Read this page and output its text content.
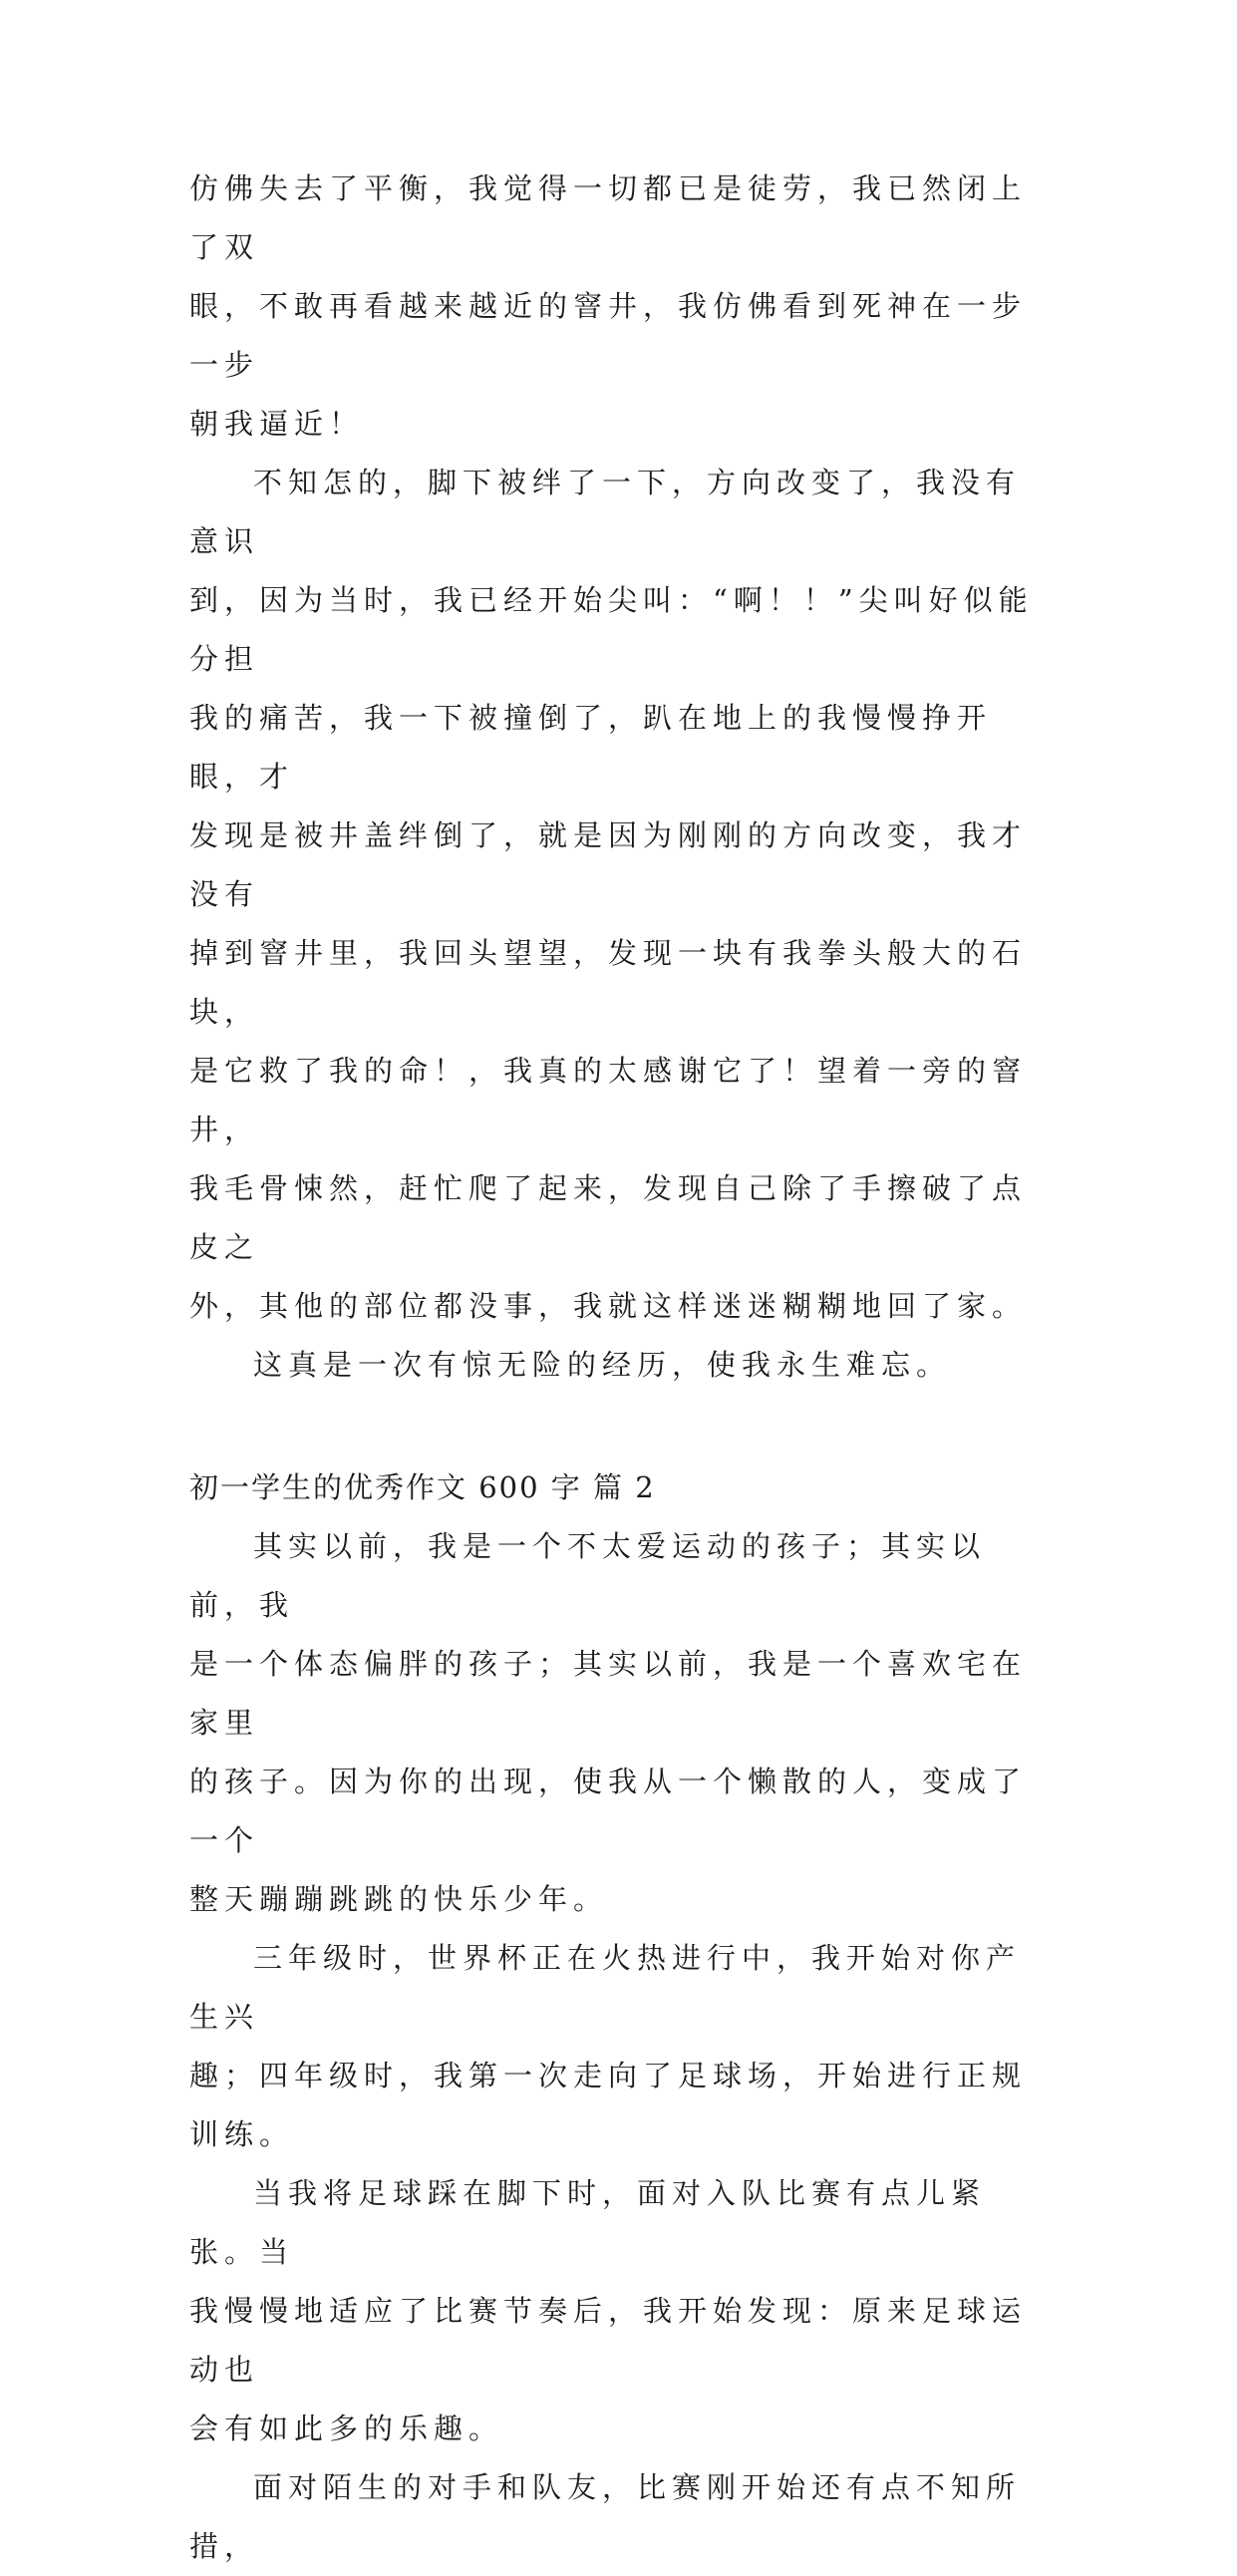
仿佛失去了平衡，我觉得一切都已是徒劳，我已然闭上了双
眼，不敢再看越来越近的窨井，我仿佛看到死神在一步一步
朝我逼近！

不知怎的，脚下被绊了一下，方向改变了，我没有意识
到，因为当时，我已经开始尖叫：“啊！！”尖叫好似能分担
我的痛苦，我一下被撞倒了，趴在地上的我慢慢挣开眼，才
发现是被井盖绊倒了，就是因为刚刚的方向改变，我才没有
掉到窨井里，我回头望望，发现一块有我拳头般大的石块，
是它救了我的命！，我真的太感谢它了！望着一旁的窨井，
我毛骨悚然，赶忙爬了起来，发现自己除了手擦破了点皮之
外，其他的部位都没事，我就这样迷迷糊糊地回了家。

这真是一次有惊无险的经历，使我永生难忘。

初一学生的优秀作文 600 字 篇 2

其实以前，我是一个不太爱运动的孩子；其实以前，我
是一个体态偏胖的孩子；其实以前，我是一个喜欢宅在家里
的孩子。因为你的出现，使我从一个懒散的人，变成了一个
整天蹦蹦跳跳的快乐少年。

三年级时，世界杯正在火热进行中，我开始对你产生兴
趣；四年级时，我第一次走向了足球场，开始进行正规训练。

当我将足球踩在脚下时，面对入队比赛有点儿紧张。当
我慢慢地适应了比赛节奏后，我开始发现：原来足球运动也
会有如此多的乐趣。

面对陌生的对手和队友，比赛刚开始还有点不知所措，
